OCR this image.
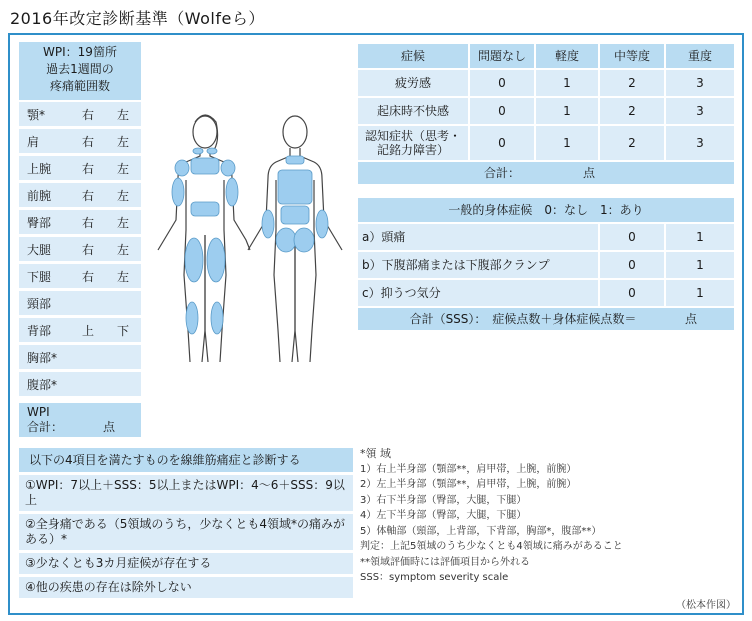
2016年改定診断基準（Wolfeら）
WPI：19箇所
過去1週間の
疼痛範囲数
顎*	右 左
肩	右 左
上腕	右 左
前腕	右 左
臀部	右 左
大腿	右 左
下腿	右 左
頸部
背部	上 下
胸部*
腹部*
WPI
合計：	点
症候	問題なし	軽度	中等度	重度
疲労感	0	1	2	3
起床時不快感	0	1	2	3
認知症状（思考・記銘力障害）	0	1	2	3
合計：	点
一般的身体症候　0：なし　1：あり
a）頭痛	0	1
b）下腹部痛または下腹部クランプ	0	1
c）抑うつ気分	0	1
合計（SSS）：　症候点数＋身体症候点数＝	点
以下の4項目を満たすものを線維筋痛症と診断する
①WPI：7以上＋SSS：5以上またはWPI：4〜6＋SSS：9以上
②全身痛である（5領域のうち，少なくとも4領域*の痛みがある）*
③少なくとも3カ月症候が存在する
④他の疾患の存在は除外しない
*領 域
1）右上半身部（顎部**，肩甲帯，上腕，前腕）
2）左上半身部（顎部**，肩甲帯，上腕，前腕）
3）右下半身部（臀部，大腿，下腿）
4）左下半身部（臀部，大腿，下腿）
5）体軸部（頸部，上背部，下背部，胸部*，腹部**）
判定：上記5領域のうち少なくとも4領域に痛みがあること
**領域評価時には評価項目から外れる
SSS：symptom severity scale
（松本作図）
